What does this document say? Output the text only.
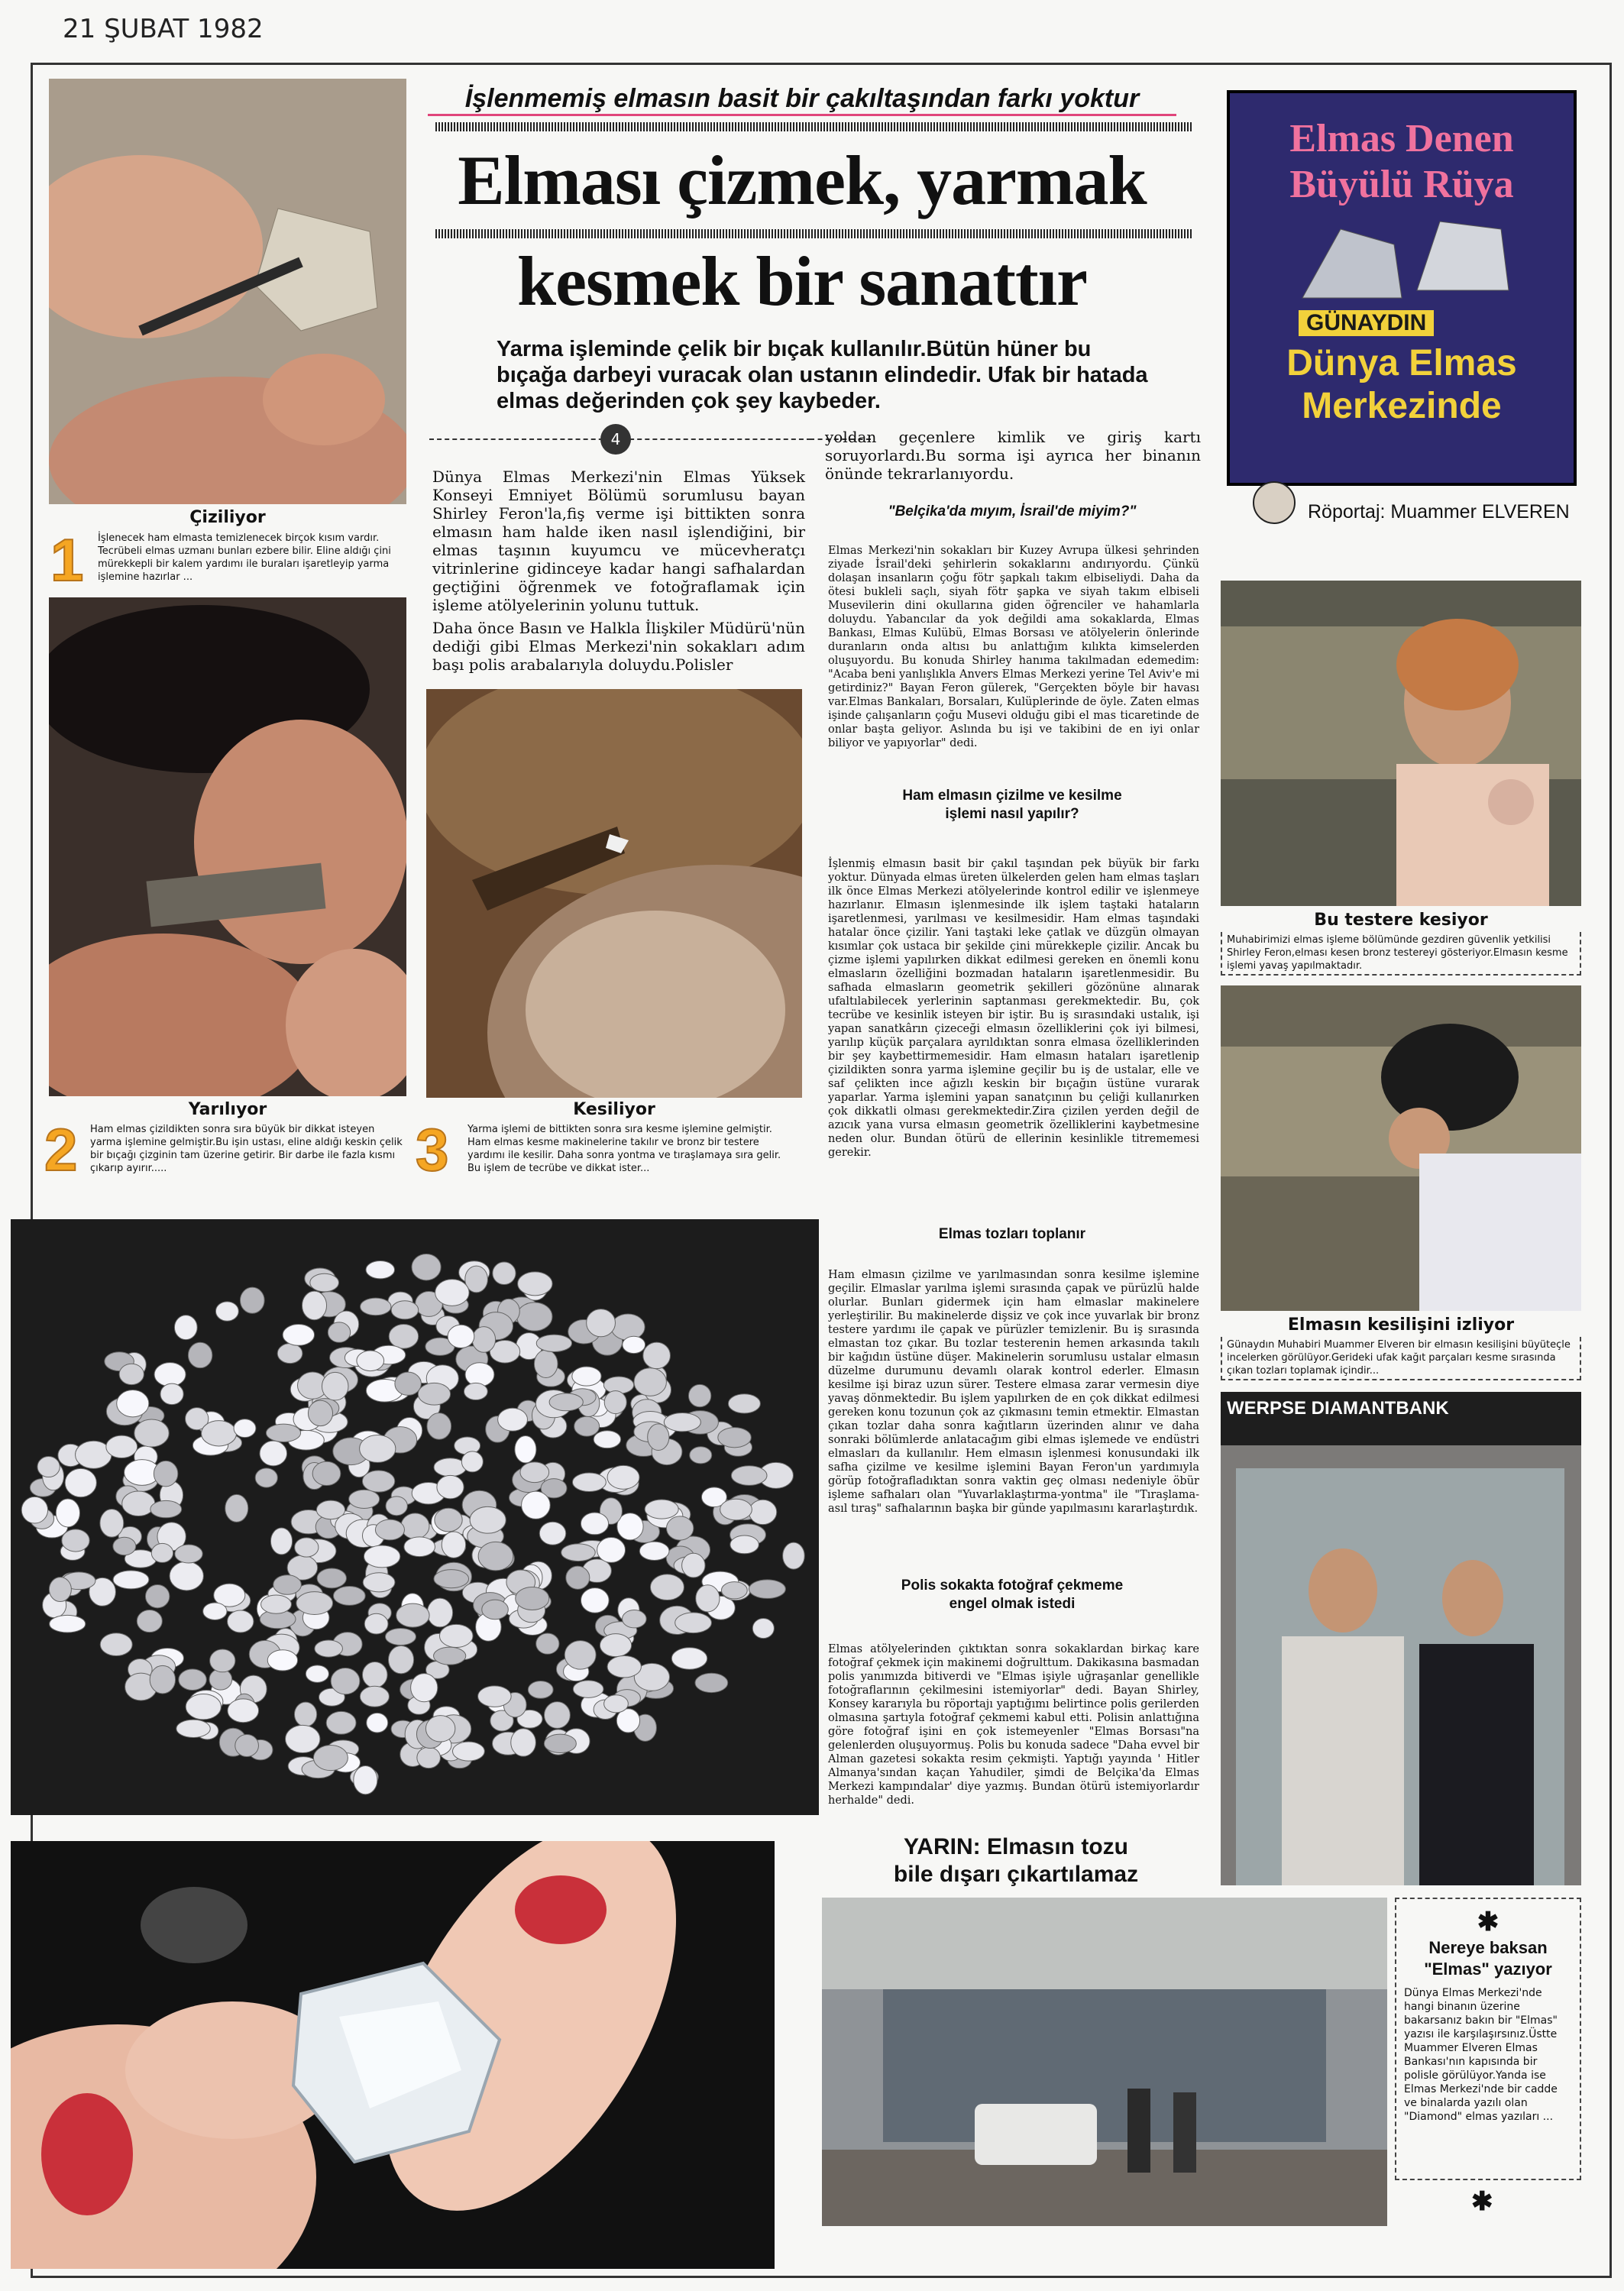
21 ŞUBAT 1982
Çiziliyor
1 İşlenecek ham elmasta temizlenecek birçok kısım vardır. Tecrübeli elmas uzmanı bunları ezbere bilir. Eline aldığı çini mürekkepli bir kalem yardımı ile buraları işaretleyip yarma işlemine hazırlar ...
Yarılıyor
2 Ham elmas çizildikten sonra sıra büyük bir dikkat isteyen yarma işlemine gelmiştir.Bu işin ustası, eline aldığı keskin çelik bir bıçağı çizginin tam üzerine getirir. Bir darbe ile fazla kısmı çıkarıp ayırır.....
İşlenmemiş elmasın basit bir çakıltaşından farkı yoktur
Elması çizmek, yarmak
kesmek bir sanattır
Yarma işleminde çelik bir bıçak kullanılır.Bütün hüner bu bıçağa darbeyi vuracak olan ustanın elindedir. Ufak bir hatada elmas değerinden çok şey kaybeder.
Elmas Denen
Büyülü Rüya
GÜNAYDIN
Dünya Elmas
Merkezinde
Röportaj: Muammer ELVEREN
4
Dünya Elmas Merkezi'nin Elmas Yüksek Konseyi Emniyet Bölümü sorumlusu bayan Shirley Feron'la,fiş verme işi bittikten sonra elmasın ham halde iken nasıl işlendiğini, bir elmas taşının kuyumcu ve mücevheratçı vitrinlerine gidinceye kadar hangi safhalardan geçtiğini öğrenmek ve fotoğraflamak için işleme atölyelerinin yolunu tuttuk.
Daha önce Basın ve Halkla İlişkiler Müdürü'nün dediği gibi Elmas Merkezi'nin sokakları adım başı polis arabalarıyla doluydu.Polisler
Kesiliyor
3 Yarma işlemi de bittikten sonra sıra kesme işlemine gelmiştir. Ham elmas kesme makinelerine takılır ve bronz bir testere yardımı ile kesilir. Daha sonra yontma ve tıraşlamaya sıra gelir. Bu işlem de tecrübe ve dikkat ister...
yoldan geçenlere kimlik ve giriş kartı soruyorlardı.Bu sorma işi ayrıca her binanın önünde tekrarlanıyordu.
"Belçika'da mıyım, İsrail'de miyim?"
Elmas Merkezi'nin sokakları bir Kuzey Avrupa ülkesi şehrinden ziyade İsrail'deki şehirlerin sokaklarını andırıyordu. Çünkü dolaşan insanların çoğu fötr şapkalı takım elbiseliydi. Daha da ötesi bukleli saçlı, siyah fötr şapka ve siyah takım elbiseli Musevilerin dini okullarına giden öğrenciler ve hahamlarla doluydu. Yabancılar da yok değildi ama sokaklarda, Elmas Bankası, Elmas Kulübü, Elmas Borsası ve atölyelerin önlerinde duranların onda altısı bu anlattığım kılıkta kimselerden oluşuyordu. Bu konuda Shirley hanıma takılmadan edemedim: "Acaba beni yanlışlıkla Anvers Elmas Merkezi yerine Tel Aviv'e mi getirdiniz?" Bayan Feron gülerek, "Gerçekten böyle bir havası var.Elmas Bankaları, Borsaları, Kulüplerinde de öyle. Zaten elmas işinde çalışanların çoğu Musevi olduğu gibi el mas ticaretinde de onlar başta geliyor. Aslında bu işi ve takibini de en iyi onlar biliyor ve yapıyorlar" dedi.
Ham elmasın çizilme ve kesilme işlemi nasıl yapılır?
İşlenmiş elmasın basit bir çakıl taşından pek büyük bir farkı yoktur. Dünyada elmas üreten ülkelerden gelen ham elmas taşları ilk önce Elmas Merkezi atölyelerinde kontrol edilir ve işlenmeye hazırlanır. Elmasın işlenmesinde ilk işlem taştaki hataların işaretlenmesi, yarılması ve kesilmesidir. Ham elmas taşındaki hatalar önce çizilir. Yani taştaki leke çatlak ve düzgün olmayan kısımlar çok ustaca bir şekilde çini mürekkeple çizilir. Ancak bu çizme işlemi yapılırken dikkat edilmesi gereken en önemli konu elmasların özelliğini bozmadan hataların işaretlenmesidir. Bu safhada elmasların geometrik şekilleri gözönüne alınarak ufaltılabilecek yerlerinin saptanması gerekmektedir. Bu, çok tecrübe ve kesinlik isteyen bir iştir. Bu iş sırasındaki ustalık, işi yapan sanatkârın çizeceği elmasın özelliklerini çok iyi bilmesi, yarılıp küçük parçalara ayrıldıktan sonra elmasa özelliklerinden bir şey kaybettirmemesidir. Ham elmasın hataları işaretlenip çizildikten sonra yarma işlemine geçilir bu iş de ustalar, elle ve saf çelikten ince ağızlı keskin bir bıçağın üstüne vurarak yaparlar. Yarma işlemini yapan sanatçının bu çeliği kullanırken çok dikkatli olması gerekmektedir.Zira çizilen yerden değil de azıcık yana vursa elmasın geometrik özelliklerini kaybetmesine neden olur. Bundan ötürü de ellerinin kesinlikle titrememesi gerekir.
Elmas tozları toplanır
Ham elmasın çizilme ve yarılmasından sonra kesilme işlemine geçilir. Elmaslar yarılma işlemi sırasında çapak ve pürüzlü halde olurlar. Bunları gidermek için ham elmaslar makinelere yerleştirilir. Bu makinelerde dişsiz ve çok ince yuvarlak bir bronz testere yardımı ile çapak ve pürüzler temizlenir. Bu iş sırasında elmastan toz çıkar. Bu tozlar testerenin hemen arkasında takılı bir kağıdın üstüne düşer. Makinelerin sorumlusu ustalar elmasın düzelme durumunu devamlı olarak kontrol ederler. Elmasın kesilme işi biraz uzun sürer. Testere elmasa zarar vermesin diye yavaş dönmektedir. Bu işlem yapılırken de en çok dikkat edilmesi gereken konu tozunun çok az çıkmasını temin etmektir. Elmastan çıkan tozlar daha sonra kağıtların üzerinden alınır ve daha sonraki bölümlerde anlatacağım gibi elmas işlemede ve endüstri elmasları da kullanılır. Hem elmasın işlenmesi konusundaki ilk safha çizilme ve kesilme işlemini Bayan Feron'un yardımıyla görüp fotoğrafladıktan sonra vaktin geç olması nedeniyle öbür işleme safhaları olan "Yuvarlaklaştırma-yontma" ile "Tıraşlama-asıl tıraş" safhalarının başka bir günde yapılmasını kararlaştırdık.
Polis sokakta fotoğraf çekmeme engel olmak istedi
Elmas atölyelerinden çıktıktan sonra sokaklardan birkaç kare fotoğraf çekmek için makinemi doğrulttum. Dakikasına basmadan polis yanımızda bitiverdi ve "Elmas işiyle uğraşanlar genellikle fotoğraflarının çekilmesini istemiyorlar" dedi. Bayan Shirley, Konsey kararıyla bu röportajı yaptığımı belirtince polis gerilerden olmasına şartıyla fotoğraf çekmemi kabul etti. Polisin anlattığına göre fotoğraf işini en çok istemeyenler "Elmas Borsası"na gelenlerden oluşuyormuş. Polis bu konuda sadece "Daha evvel bir Alman gazetesi sokakta resim çekmişti. Yaptığı yayında ' Hitler Almanya'sından kaçan Yahudiler, şimdi de Belçika'da Elmas Merkezi kampındalar' diye yazmış. Bundan ötürü istemiyorlardır herhalde" dedi.
YARIN: Elmasın tozu
bile dışarı çıkartılamaz
Bu testere kesiyor
Muhabirimizi elmas işleme bölümünde gezdiren güvenlik yetkilisi Shirley Feron,elması kesen bronz testereyi gösteriyor.Elmasın kesme işlemi yavaş yapılmaktadır.
Elmasın kesilişini izliyor
Günaydın Muhabiri Muammer Elveren bir elmasın kesilişini büyüteçle incelerken görülüyor.Gerideki ufak kağıt parçaları kesme sırasında çıkan tozları toplamak içindir...
WERPSE DIAMANTBANK
✱
Nereye baksan "Elmas" yazıyor
Dünya Elmas Merkezi'nde hangi binanın üzerine bakarsanız bakın bir "Elmas" yazısı ile karşılaşırsınız.Üstte Muammer Elveren Elmas Bankası'nın kapısında bir polisle görülüyor.Yanda ise Elmas Merkezi'nde bir cadde ve binalarda yazılı olan "Diamond" elmas yazıları ...
✱
